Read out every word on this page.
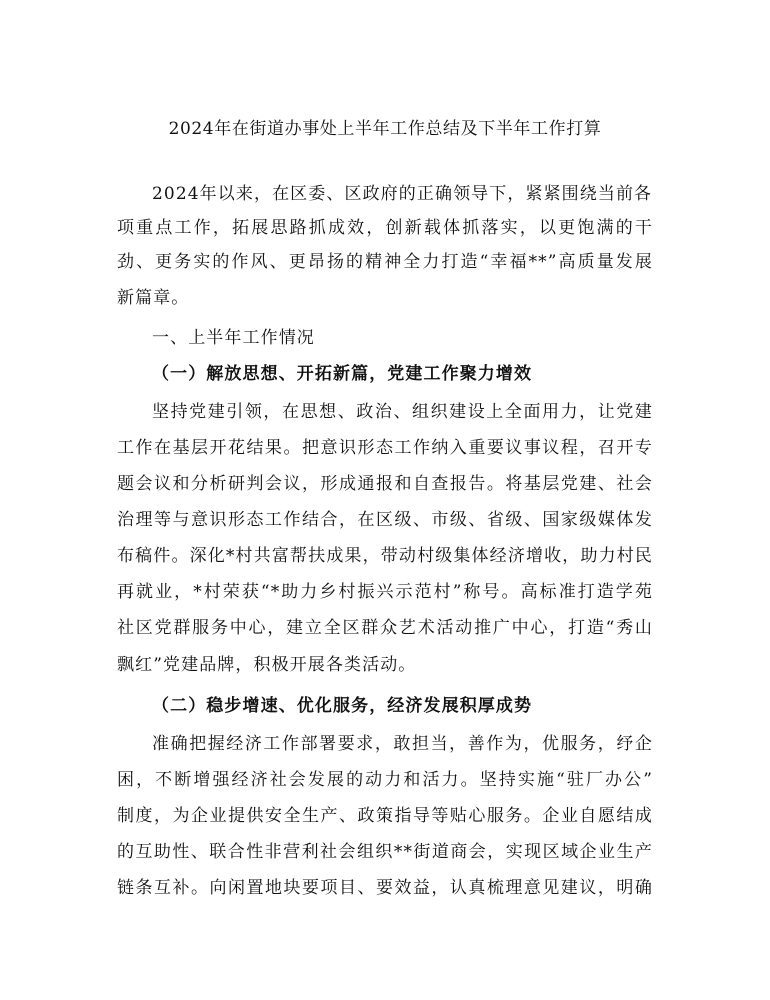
2024年在街道办事处上半年工作总结及下半年工作打算
2024年以来，在区委、区政府的正确领导下，紧紧围绕当前各
项重点工作，拓展思路抓成效，创新载体抓落实，以更饱满的干
劲、更务实的作风、更昂扬的精神全力打造“幸福**”高质量发展
新篇章。
一、上半年工作情况
（一）解放思想、开拓新篇，党建工作聚力增效
坚持党建引领，在思想、政治、组织建设上全面用力，让党建
工作在基层开花结果。把意识形态工作纳入重要议事议程，召开专
题会议和分析研判会议，形成通报和自查报告。将基层党建、社会
治理等与意识形态工作结合，在区级、市级、省级、国家级媒体发
布稿件。深化*村共富帮扶成果，带动村级集体经济增收，助力村民
再就业，*村荣获“*助力乡村振兴示范村”称号。高标准打造学苑
社区党群服务中心，建立全区群众艺术活动推广中心，打造“秀山
飘红”党建品牌，积极开展各类活动。
（二）稳步增速、优化服务，经济发展积厚成势
准确把握经济工作部署要求，敢担当，善作为，优服务，纾企
困，不断增强经济社会发展的动力和活力。坚持实施“驻厂办公”
制度，为企业提供安全生产、政策指导等贴心服务。企业自愿结成
的互助性、联合性非营利社会组织**街道商会，实现区域企业生产
链条互补。向闲置地块要项目、要效益，认真梳理意见建议，明确
